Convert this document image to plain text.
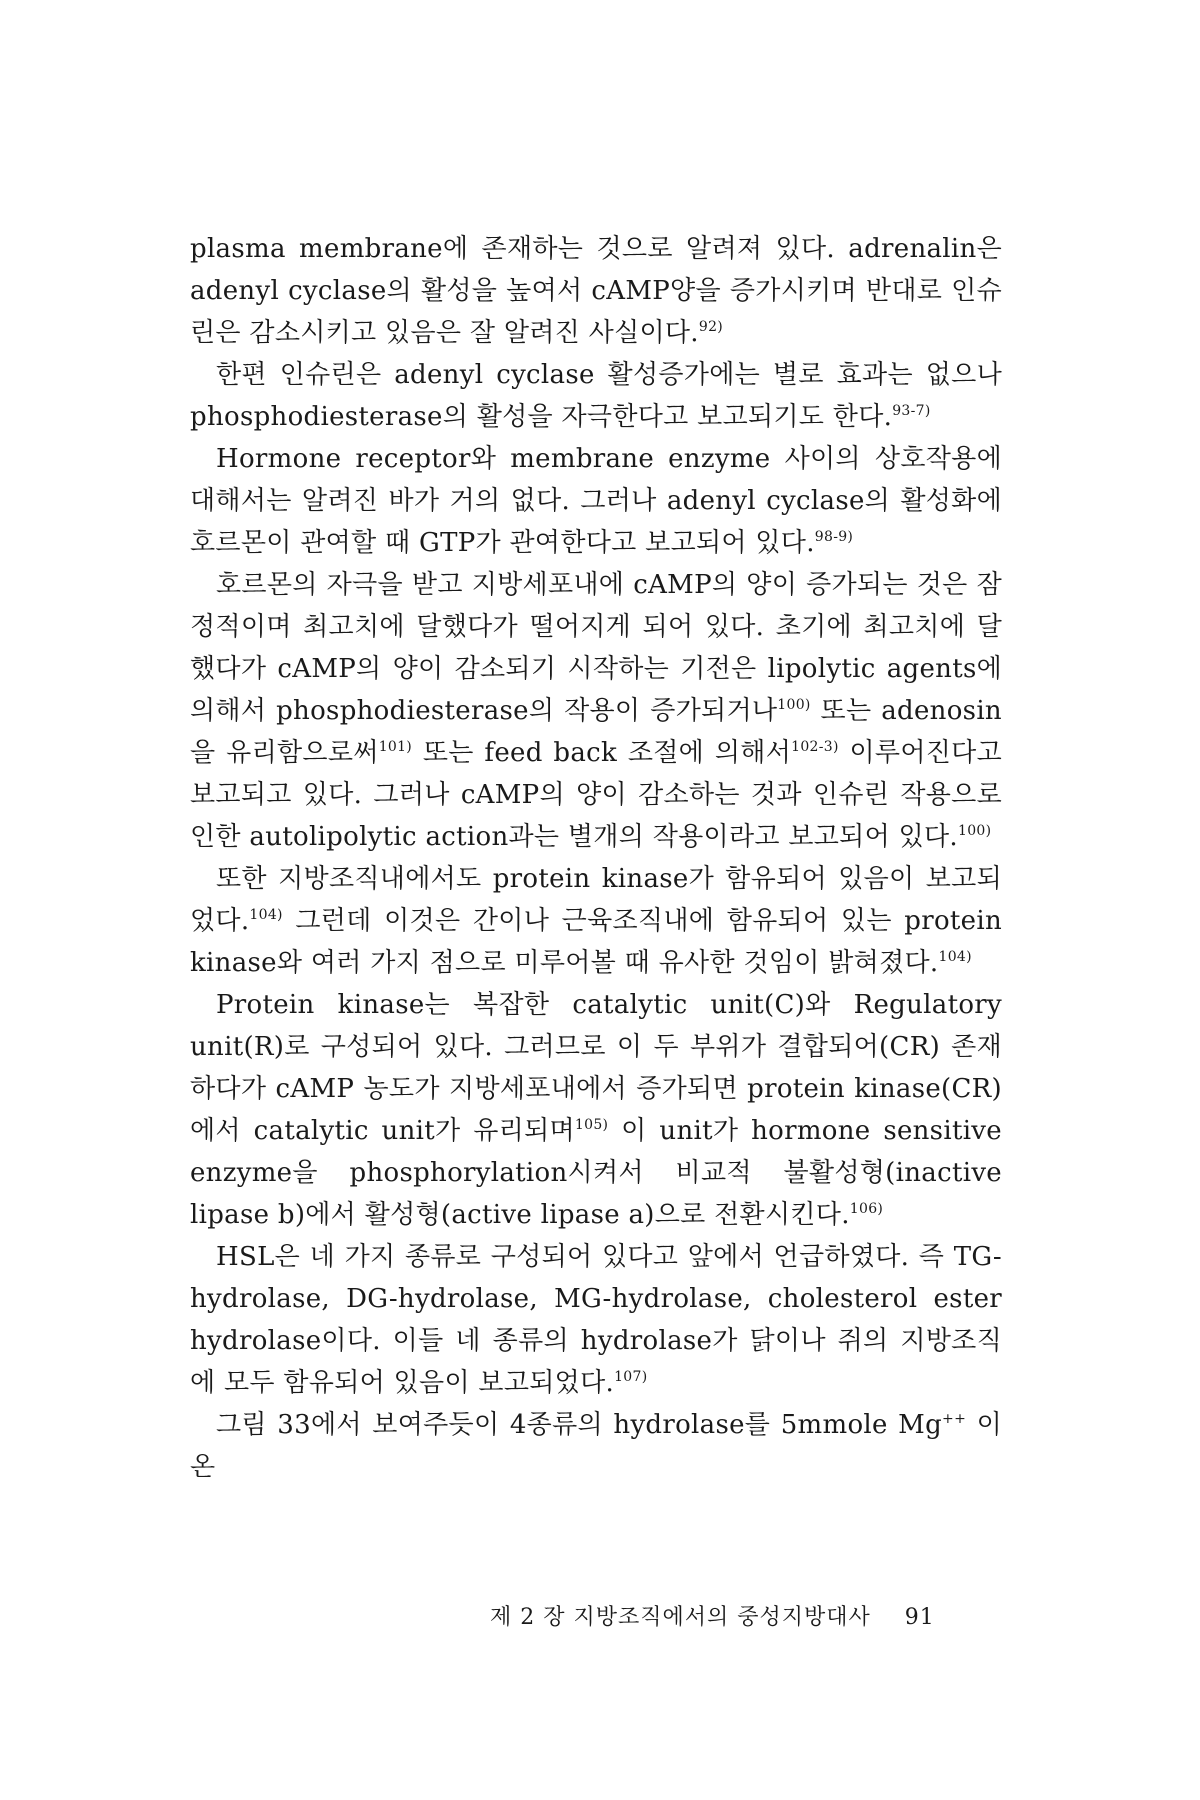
plasma membrane에 존재하는 것으로 알려져 있다. adrenalin은 adenyl cyclase의 활성을 높여서 cAMP양을 증가시키며 반대로 인슈린은 감소시키고 있음은 잘 알려진 사실이다.$^{92)}$

한편 인슈린은 adenyl cyclase 활성증가에는 별로 효과는 없으나 phosphodiesterase의 활성을 자극한다고 보고되기도 한다.$^{93-7)}$

Hormone receptor와 membrane enzyme 사이의 상호작용에 대해서는 알려진 바가 거의 없다. 그러나 adenyl cyclase의 활성화에 호르몬이 관여할 때 GTP가 관여한다고 보고되어 있다.$^{98-9)}$

호르몬의 자극을 받고 지방세포내에 cAMP의 양이 증가되는 것은 잠정적이며 최고치에 달했다가 떨어지게 되어 있다. 초기에 최고치에 달했다가 cAMP의 양이 감소되기 시작하는 기전은 lipolytic agents에 의해서 phosphodiesterase의 작용이 증가되거나$^{100)}$ 또는 adenosin을 유리함으로써$^{101)}$ 또는 feed back 조절에 의해서$^{102-3)}$ 이루어진다고 보고되고 있다. 그러나 cAMP의 양이 감소하는 것과 인슈린 작용으로 인한 autolipolytic action과는 별개의 작용이라고 보고되어 있다.$^{100)}$

또한 지방조직내에서도 protein kinase가 함유되어 있음이 보고되었다.$^{104)}$ 그런데 이것은 간이나 근육조직내에 함유되어 있는 protein kinase와 여러 가지 점으로 미루어볼 때 유사한 것임이 밝혀졌다.$^{104)}$

Protein kinase는 복잡한 catalytic unit(C)와 Regulatory unit(R)로 구성되어 있다. 그러므로 이 두 부위가 결합되어(CR) 존재하다가 cAMP 농도가 지방세포내에서 증가되면 protein kinase(CR)에서 catalytic unit가 유리되며$^{105)}$ 이 unit가 hormone sensitive enzyme을 phosphorylation시켜서 비교적 불활성형(inactive lipase b)에서 활성형(active lipase a)으로 전환시킨다.$^{106)}$

HSL은 네 가지 종류로 구성되어 있다고 앞에서 언급하였다. 즉 TG-hydrolase, DG-hydrolase, MG-hydrolase, cholesterol ester hydrolase이다. 이들 네 종류의 hydrolase가 닭이나 쥐의 지방조직에 모두 함유되어 있음이 보고되었다.$^{107)}$

그림 33에서 보여주듯이 4종류의 hydrolase를 5mmole Mg++ 이온

제 2 장 지방조직에서의 중성지방대사 91
